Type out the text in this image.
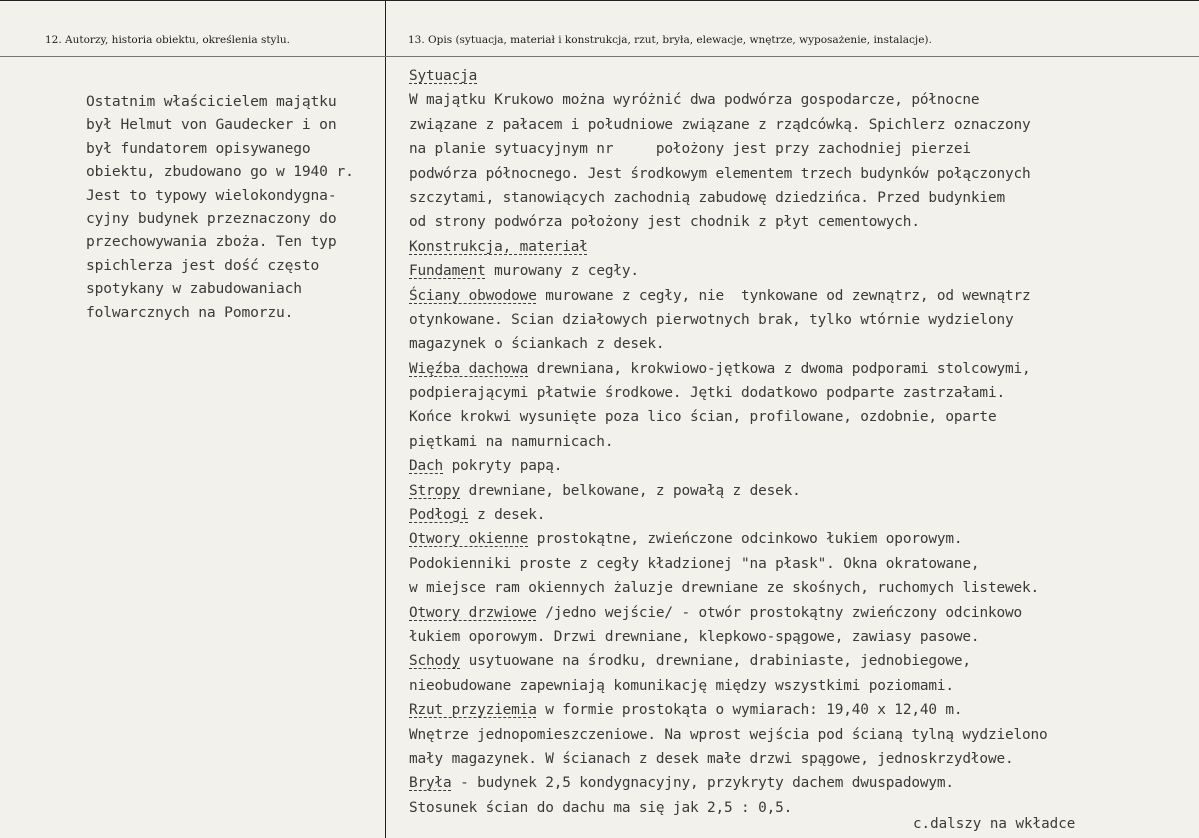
12. Autorzy, historia obiektu, określenia stylu.	13. Opis (sytuacja, materiał i konstrukcja, rzut, bryła, elewacje, wnętrze, wyposażenie, instalacje).
Ostatnim właścicielem majątku
był Helmut von Gaudecker i on
był fundatorem opisywanego
obiektu, zbudowano go w 1940 r.
Jest to typowy wielokondygna-
cyjny budynek przeznaczony do
przechowywania zboża. Ten typ
spichlerza jest dość często
spotykany w zabudowaniach
folwarcznych na Pomorzu.
Sytuacja
W majątku Krukowo można wyróżnić dwa podwórza gospodarcze, północne
związane z pałacem i południowe związane z rządcówką. Spichlerz oznaczony
na planie sytuacyjnym nr     położony jest przy zachodniej pierzei
podwórza północnego. Jest środkowym elementem trzech budynków połączonych
szczytami, stanowiących zachodnią zabudowę dziedzińca. Przed budynkiem
od strony podwórza położony jest chodnik z płyt cementowych.
Konstrukcja, materiał
Fundament murowany z cegły.
Ściany obwodowe murowane z cegły, nie  tynkowane od zewnątrz, od wewnątrz
otynkowane. Scian działowych pierwotnych brak, tylko wtórnie wydzielony
magazynek o ściankach z desek.
Więźba dachowa drewniana, krokwiowo-jętkowa z dwoma podporami stolcowymi,
podpierającymi płatwie środkowe. Jętki dodatkowo podparte zastrzałami.
Końce krokwi wysunięte poza lico ścian, profilowane, ozdobnie, oparte
piętkami na namurnicach.
Dach pokryty papą.
Stropy drewniane, belkowane, z powałą z desek.
Podłogi z desek.
Otwory okienne prostokątne, zwieńczone odcinkowo łukiem oporowym.
Podokienniki proste z cegły kładzionej "na płask". Okna okratowane,
w miejsce ram okiennych żaluzje drewniane ze skośnych, ruchomych listewek.
Otwory drzwiowe /jedno wejście/ - otwór prostokątny zwieńczony odcinkowo
łukiem oporowym. Drzwi drewniane, klepkowo-spągowe, zawiasy pasowe.
Schody usytuowane na środku, drewniane, drabiniaste, jednobiegowe,
nieobudowane zapewniają komunikację między wszystkimi poziomami.
Rzut przyziemia w formie prostokąta o wymiarach: 19,40 x 12,40 m.
Wnętrze jednopomieszczeniowe. Na wprost wejścia pod ścianą tylną wydzielono
mały magazynek. W ścianach z desek małe drzwi spągowe, jednoskrzydłowe.
Bryła - budynek 2,5 kondygnacyjny, przykryty dachem dwuspadowym.
Stosunek ścian do dachu ma się jak 2,5 : 0,5.
c.dalszy na wkładce
